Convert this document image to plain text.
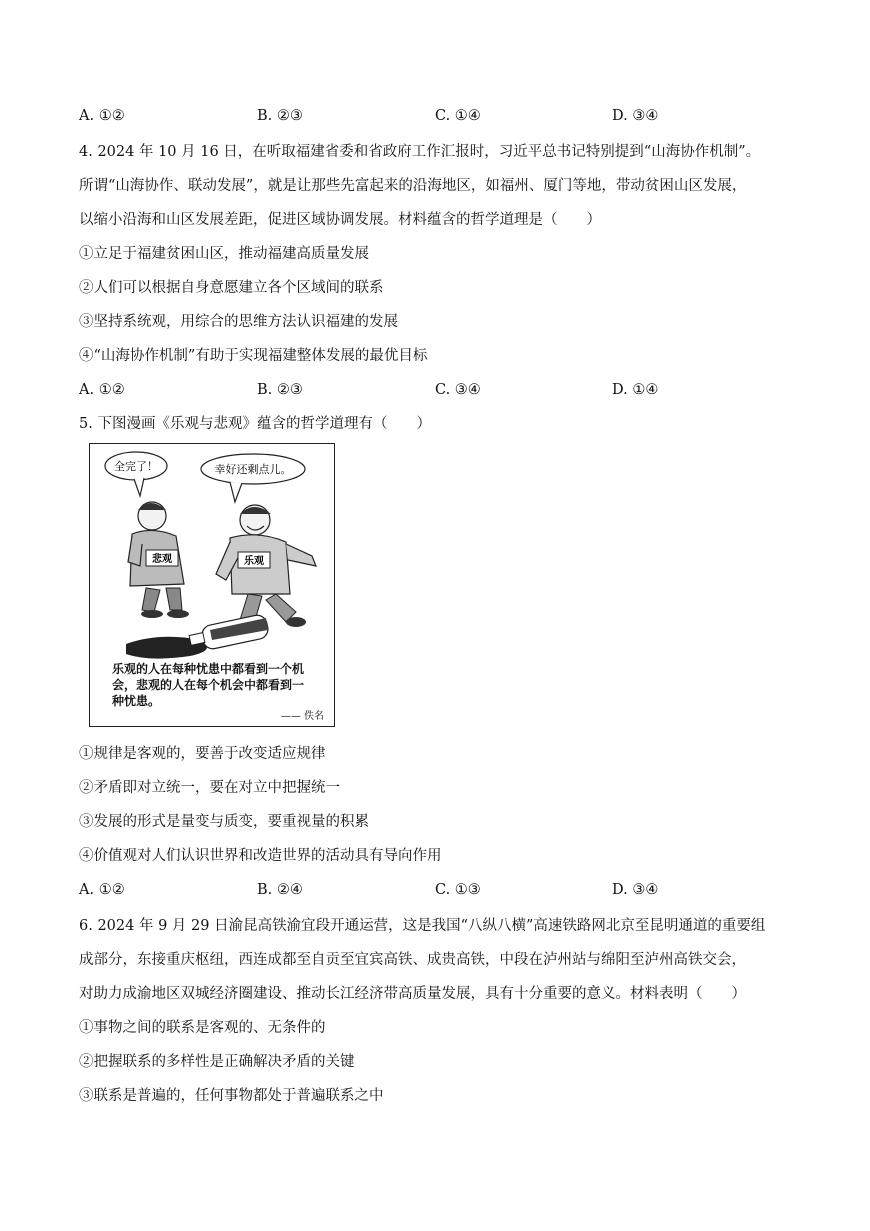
A. ①②	B. ②③	C. ①④	D. ③④
4. 2024 年 10 月 16 日，在听取福建省委和省政府工作汇报时，习近平总书记特别提到“山海协作机制”。
所谓“山海协作、联动发展”，就是让那些先富起来的沿海地区，如福州、厦门等地，带动贫困山区发展，
以缩小沿海和山区发展差距，促进区域协调发展。材料蕴含的哲学道理是（　　）
①立足于福建贫困山区，推动福建高质量发展
②人们可以根据自身意愿建立各个区域间的联系
③坚持系统观，用综合的思维方法认识福建的发展
④“山海协作机制”有助于实现福建整体发展的最优目标
A. ①②	B. ②③	C. ③④	D. ①④
5. 下图漫画《乐观与悲观》蕴含的哲学道理有（　　）
全完了！	幸好还剩点儿。
悲观	乐观
乐观的人在每种忧患中都看到一个机
会，悲观的人在每个机会中都看到一
种忧患。
—— 佚名
①规律是客观的，要善于改变适应规律
②矛盾即对立统一，要在对立中把握统一
③发展的形式是量变与质变，要重视量的积累
④价值观对人们认识世界和改造世界的活动具有导向作用
A. ①②	B. ②④	C. ①③	D. ③④
6. 2024 年 9 月 29 日渝昆高铁渝宜段开通运营，这是我国“八纵八横”高速铁路网北京至昆明通道的重要组
成部分，东接重庆枢纽，西连成都至自贡至宜宾高铁、成贵高铁，中段在泸州站与绵阳至泸州高铁交会，
对助力成渝地区双城经济圈建设、推动长江经济带高质量发展，具有十分重要的意义。材料表明（　　）
①事物之间的联系是客观的、无条件的
②把握联系的多样性是正确解决矛盾的关键
③联系是普遍的，任何事物都处于普遍联系之中
